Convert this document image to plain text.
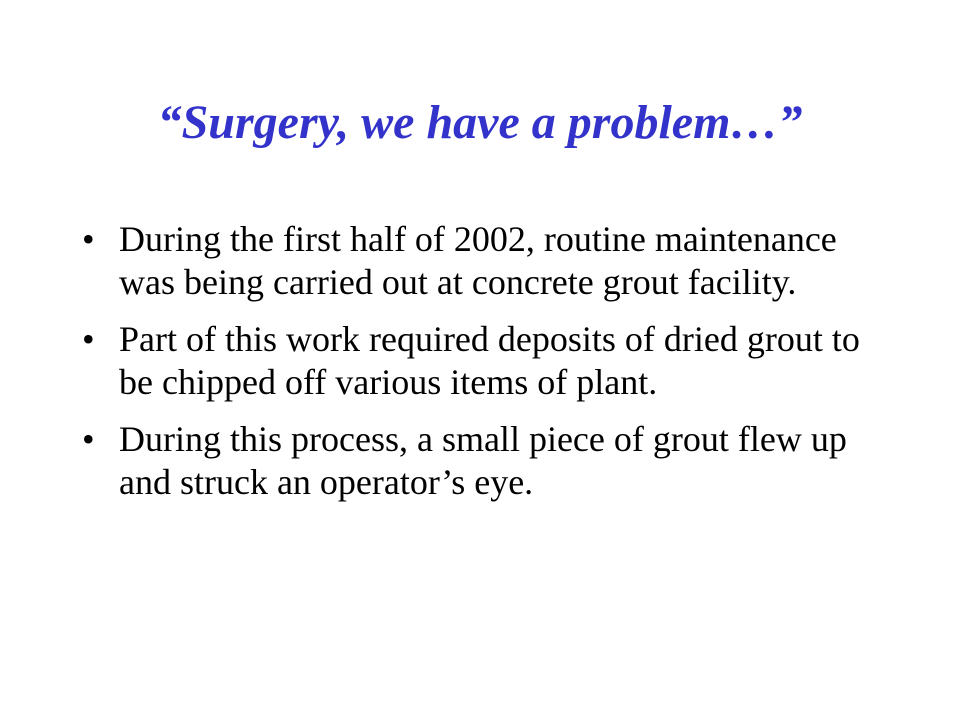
“Surgery, we have a problem…”
• During the first half of 2002, routine maintenance was being carried out at concrete grout facility.
• Part of this work required deposits of dried grout to be chipped off various items of plant.
• During this process, a small piece of grout flew up and struck an operator’s eye.
